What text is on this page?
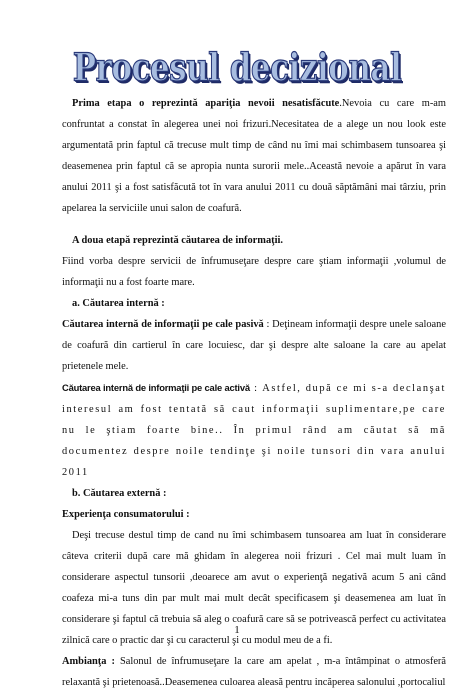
Procesul decizional

Prima etapa o reprezintă apariţia nevoii nesatisfăcute.Nevoia cu care m-am confruntat a constat în alegerea unei noi frizuri.Necesitatea de a alege un nou look este argumentată prin faptul că trecuse mult timp de când nu îmi mai schimbasem tunsoarea şi deasemenea prin faptul că se apropia nunta surorii mele..Această nevoie a apărut în vara anului 2011 şi a fost satisfăcută tot în vara anului 2011 cu două săptămâni mai târziu, prin apelarea la serviciile unui salon de coafură.

A doua etapă reprezintă căutarea de informaţii.

Fiind vorba despre servicii de înfrumuseţare despre care ştiam informaţii ,volumul de informaţii nu a fost foarte mare.

a. Căutarea internă :

Căutarea internă de informaţii pe cale pasivă : Deţineam informaţii despre unele saloane de coafură din cartierul în care locuiesc, dar şi despre alte saloane la care au apelat prietenele mele.

Căutarea internă de informaţii pe cale activă : Astfel, după ce mi s-a declanşat interesul am fost tentată să caut informaţii suplimentare,pe care nu le ştiam foarte bine.. În primul rând am căutat să mă documentez despre noile tendinţe şi noile tunsori din vara anului 2011

b. Căutarea externă :

Experienţa consumatorului :

Deşi trecuse destul timp de cand nu îmi schimbasem tunsoarea am luat în considerare câteva criterii după care mă ghidam în alegerea noii frizuri . Cel mai mult luam în considerare aspectul tunsorii ,deoarece am avut o experienţă negativă acum 5 ani când coafeza mi-a tuns din par mult mai mult decât specificasem şi deasemenea am luat în considerare şi faptul că trebuia să aleg o coafură care să se potrivească perfect cu activitatea zilnică care o practic dar şi cu caracterul şi cu modul meu de a fi.

Ambianţa : Salonul de înfrumuseţare la care am apelat , m-a întâmpinat o atmosferă relaxantă şi prietenoasă..Deasemenea culoarea aleasă pentru incăperea salonului ,portocaliul

1
